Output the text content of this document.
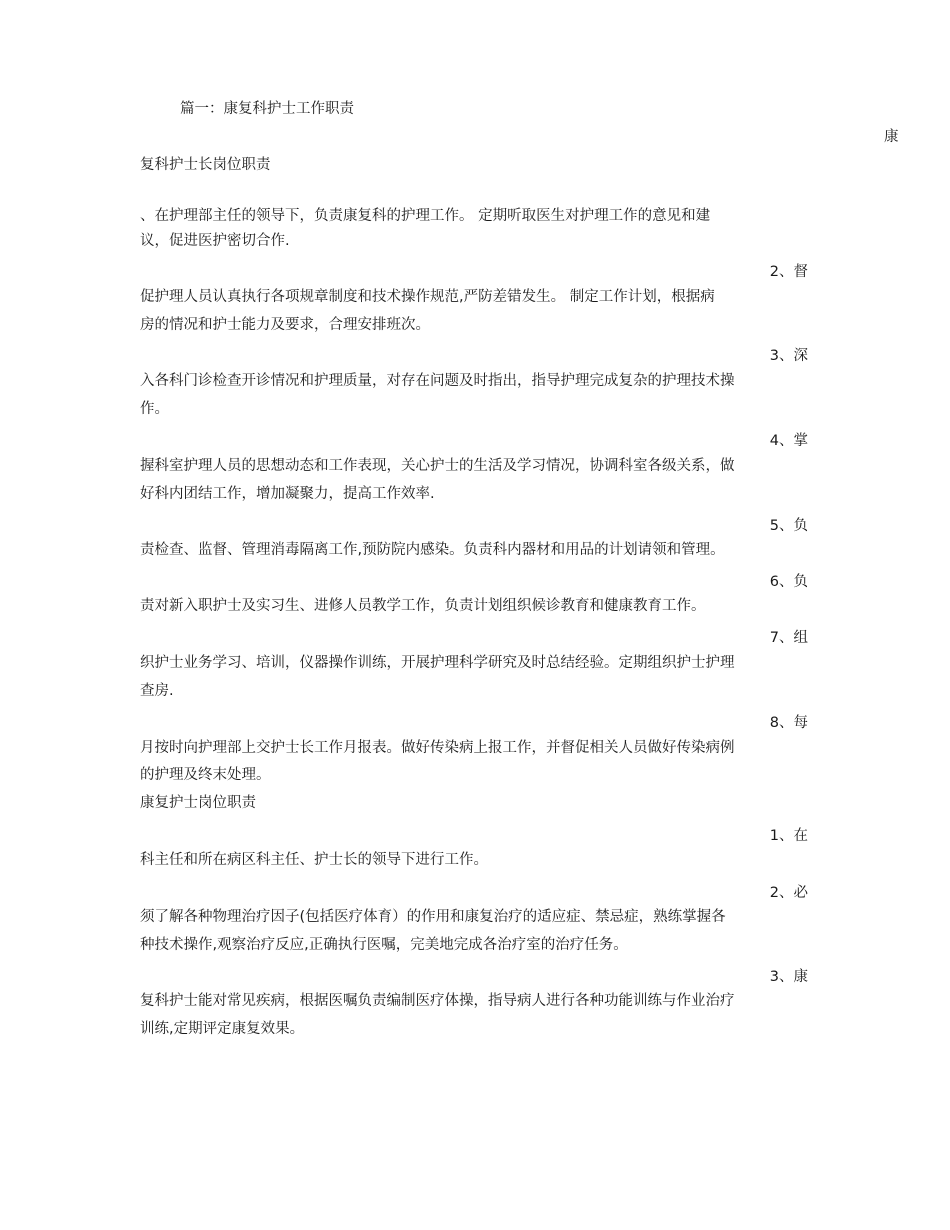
篇一：康复科护士工作职责
康
复科护士长岗位职责
、在护理部主任的领导下，负责康复科的护理工作。 定期听取医生对护理工作的意见和建
议，促进医护密切合作.
2、督
促护理人员认真执行各项规章制度和技术操作规范,严防差错发生。 制定工作计划，根据病
房的情况和护士能力及要求，合理安排班次。
3、深
入各科门诊检查开诊情况和护理质量，对存在问题及时指出，指导护理完成复杂的护理技术操
作。
4、掌
握科室护理人员的思想动态和工作表现，关心护士的生活及学习情况，协调科室各级关系，做
好科内团结工作，增加凝聚力，提高工作效率.
5、负
责检查、监督、管理消毒隔离工作,预防院内感染。负责科内器材和用品的计划请领和管理。
6、负
责对新入职护士及实习生、进修人员教学工作，负责计划组织候诊教育和健康教育工作。
7、组
织护士业务学习、培训，仪器操作训练，开展护理科学研究及时总结经验。定期组织护士护理
查房.
8、每
月按时向护理部上交护士长工作月报表。做好传染病上报工作，并督促相关人员做好传染病例
的护理及终末处理。
康复护士岗位职责
1、在
科主任和所在病区科主任、护士长的领导下进行工作。
2、必
须了解各种物理治疗因子(包括医疗体育）的作用和康复治疗的适应症、禁忌症，熟练掌握各
种技术操作,观察治疗反应,正确执行医嘱，完美地完成各治疗室的治疗任务。
3、康
复科护士能对常见疾病，根据医嘱负责编制医疗体操，指导病人进行各种功能训练与作业治疗
训练,定期评定康复效果。
